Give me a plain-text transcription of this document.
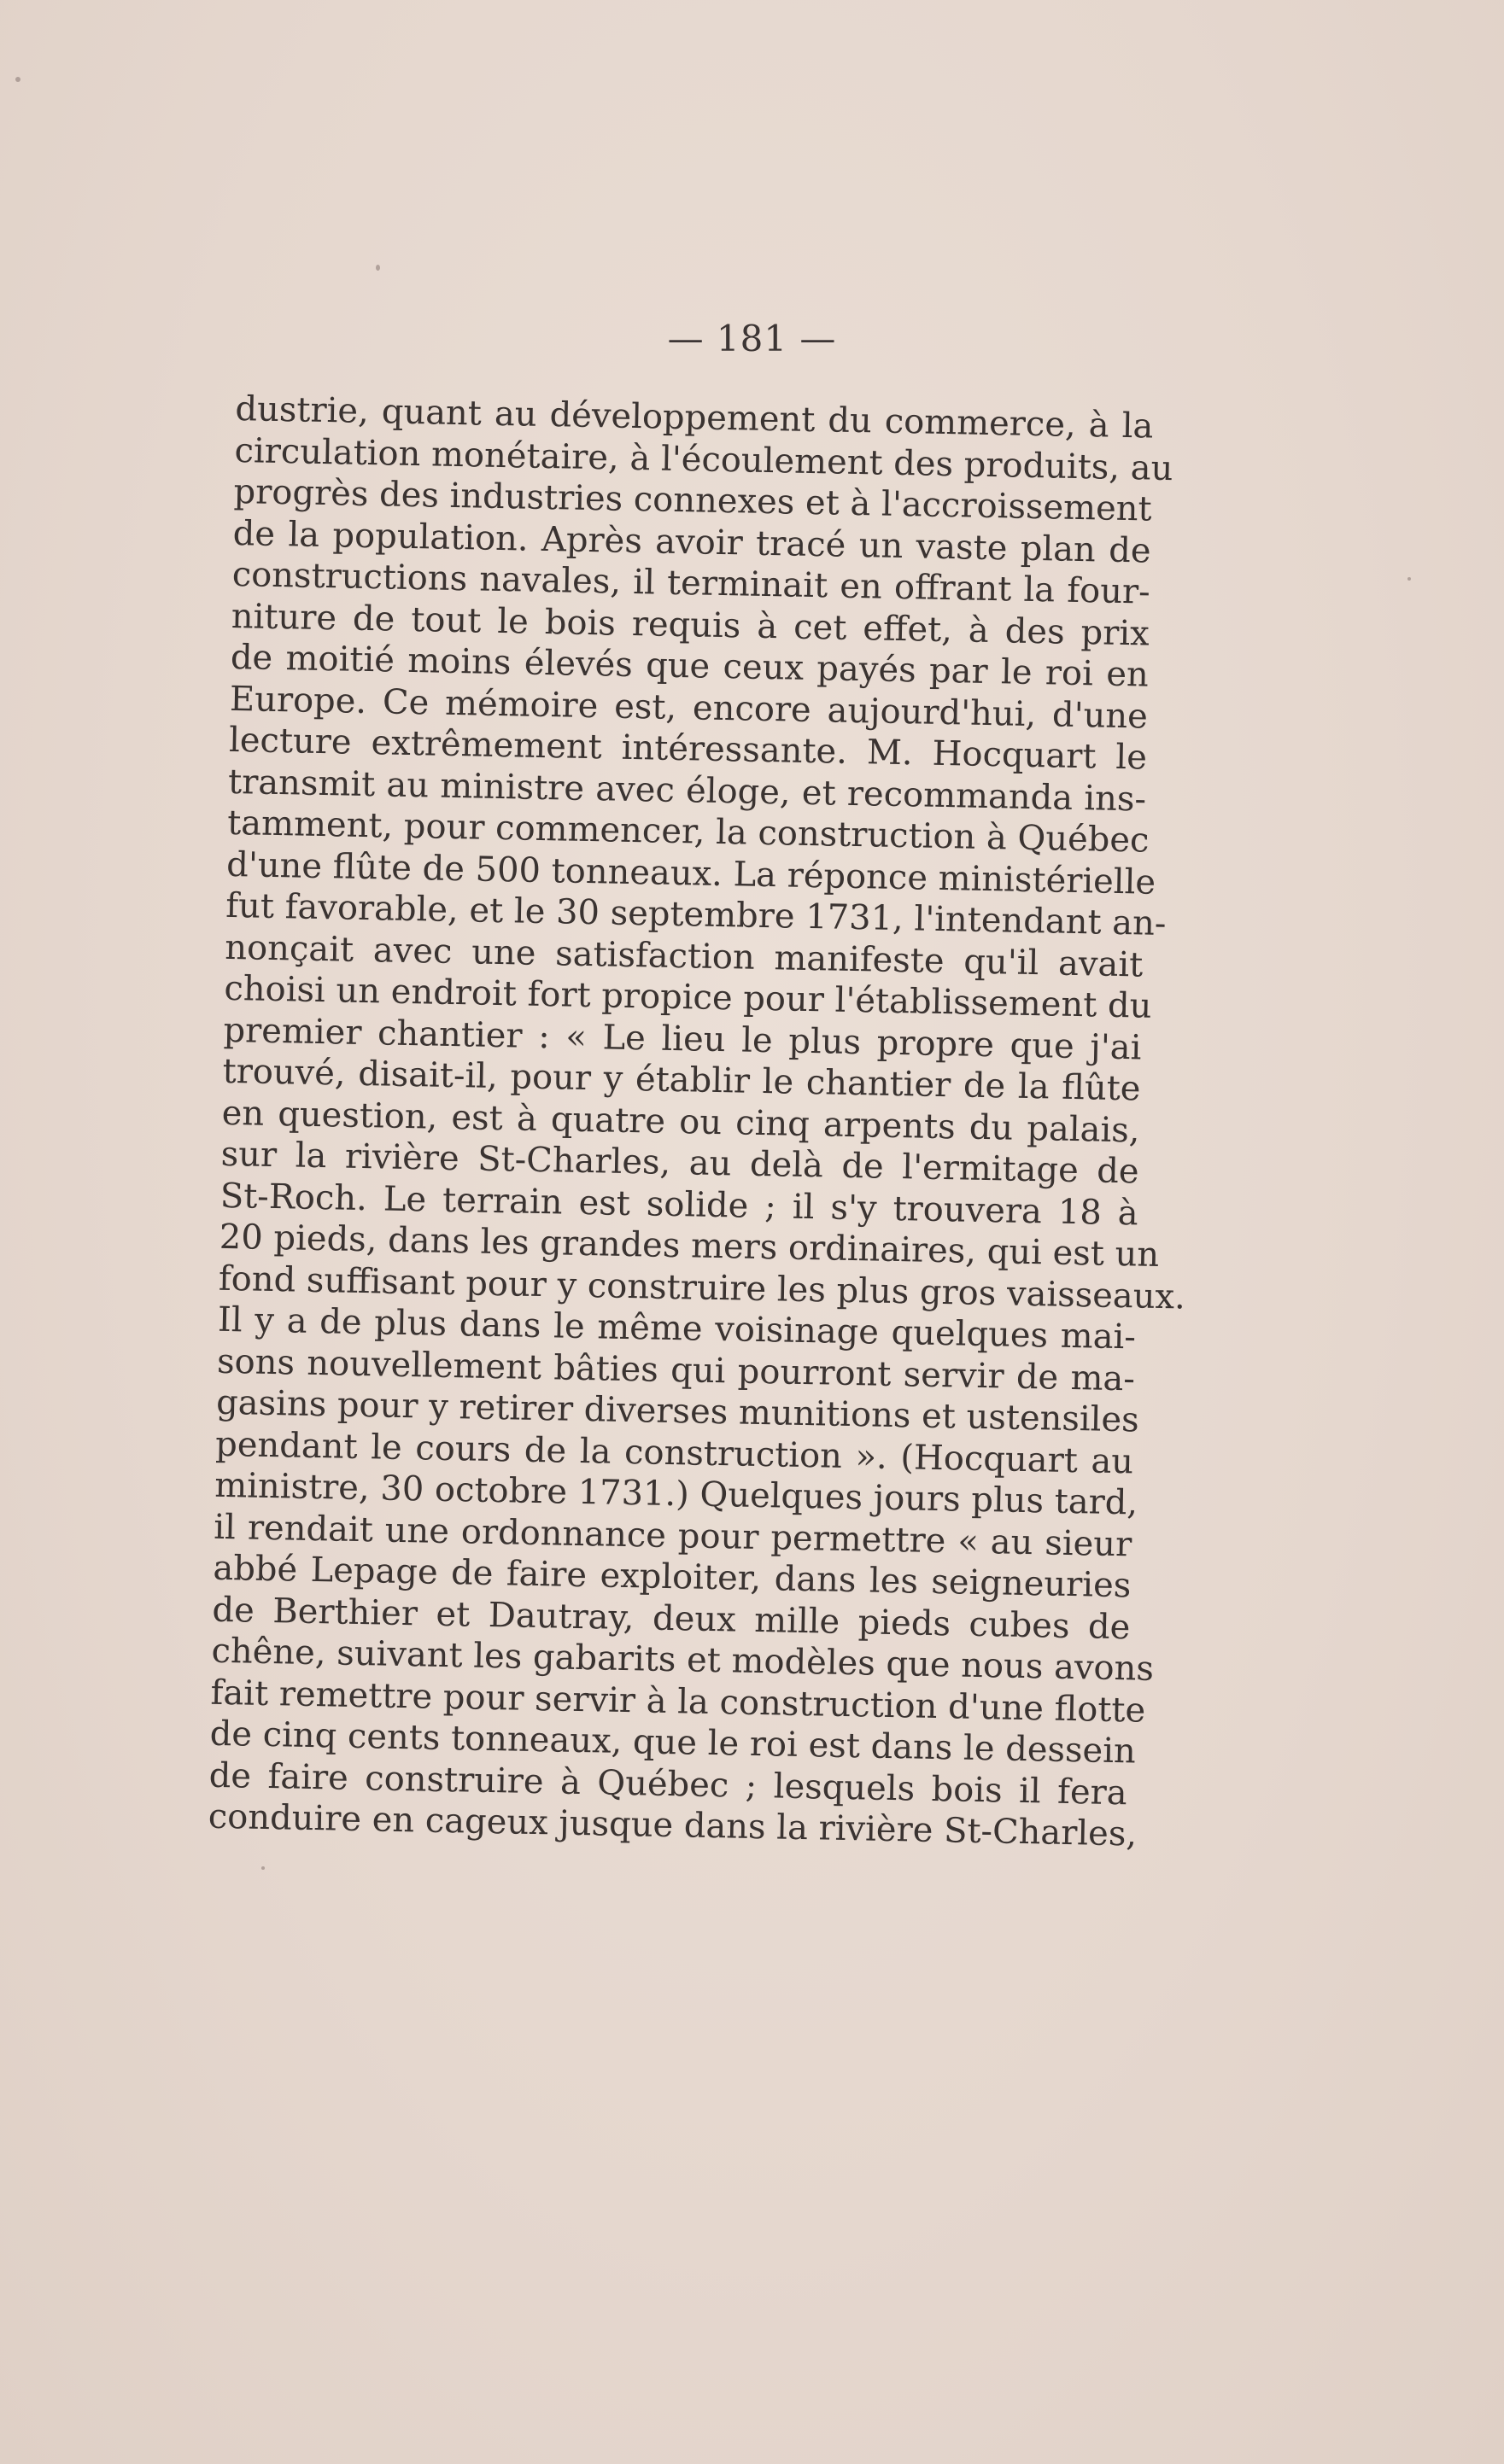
— 181 —
dustrie, quant au développement du commerce, à la
circulation monétaire, à l'écoulement des produits, au
progrès des industries connexes et à l'accroissement
de la population. Après avoir tracé un vaste plan de
constructions navales, il terminait en offrant la four-
niture de tout le bois requis à cet effet, à des prix
de moitié moins élevés que ceux payés par le roi en
Europe. Ce mémoire est, encore aujourd'hui, d'une
lecture extrêmement intéressante. M. Hocquart le
transmit au ministre avec éloge, et recommanda ins-
tamment, pour commencer, la construction à Québec
d'une flûte de 500 tonneaux. La réponce ministérielle
fut favorable, et le 30 septembre 1731, l'intendant an-
nonçait avec une satisfaction manifeste qu'il avait
choisi un endroit fort propice pour l'établissement du
premier chantier : « Le lieu le plus propre que j'ai
trouvé, disait-il, pour y établir le chantier de la flûte
en question, est à quatre ou cinq arpents du palais,
sur la rivière St-Charles, au delà de l'ermitage de
St-Roch. Le terrain est solide ; il s'y trouvera 18 à
20 pieds, dans les grandes mers ordinaires, qui est un
fond suffisant pour y construire les plus gros vaisseaux.
Il y a de plus dans le même voisinage quelques mai-
sons nouvellement bâties qui pourront servir de ma-
gasins pour y retirer diverses munitions et ustensiles
pendant le cours de la construction ». (Hocquart au
ministre, 30 octobre 1731.) Quelques jours plus tard,
il rendait une ordonnance pour permettre « au sieur
abbé Lepage de faire exploiter, dans les seigneuries
de Berthier et Dautray, deux mille pieds cubes de
chêne, suivant les gabarits et modèles que nous avons
fait remettre pour servir à la construction d'une flotte
de cinq cents tonneaux, que le roi est dans le dessein
de faire construire à Québec ; lesquels bois il fera
conduire en cageux jusque dans la rivière St-Charles,
